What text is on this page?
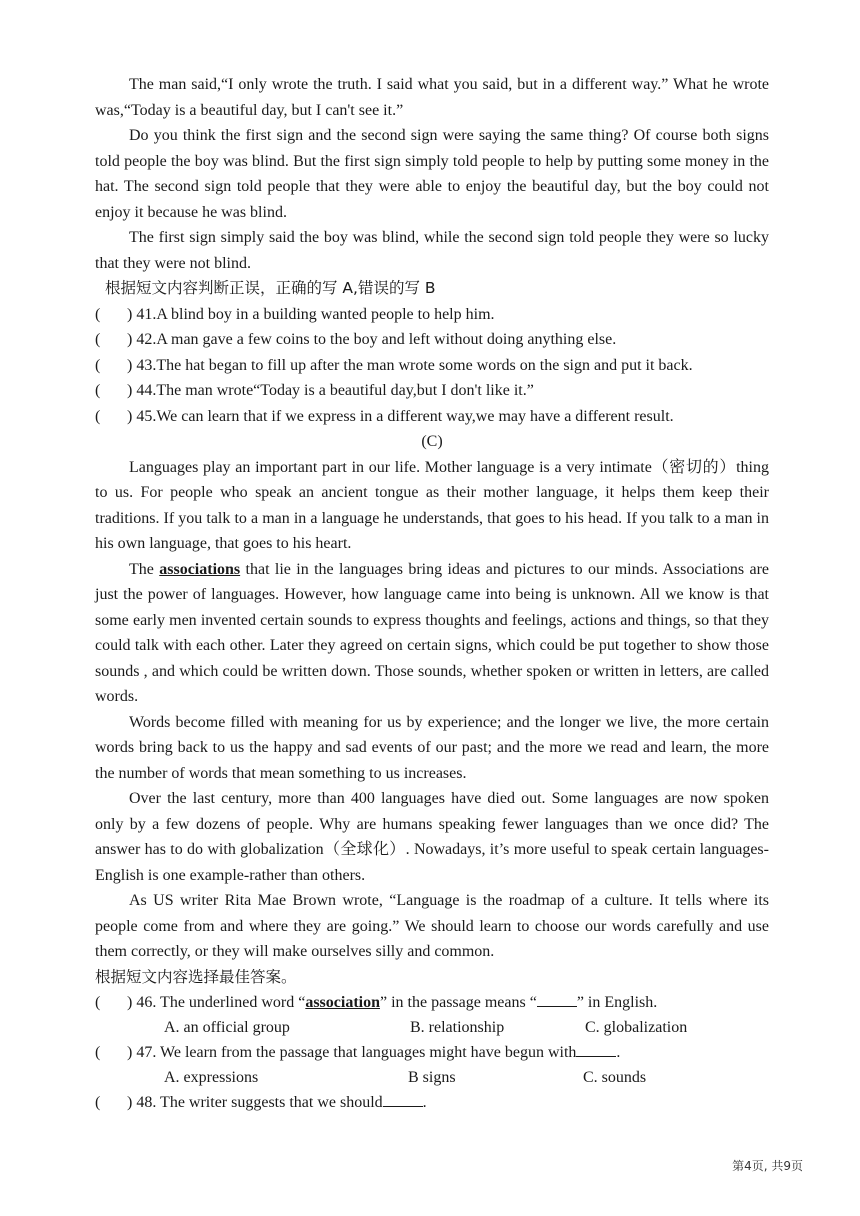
The man said,“I only wrote the truth. I said what you said, but in a different way.” What he wrote was,“Today is a beautiful day, but I can't see it.”

Do you think the first sign and the second sign were saying the same thing? Of course both signs told people the boy was blind. But the first sign simply told people to help by putting some money in the hat. The second sign told people that they were able to enjoy the beautiful day, but the boy could not enjoy it because he was blind.

The first sign simply said the boy was blind, while the second sign told people they were so lucky that they were not blind.

根据短文内容判断正误，正确的写 A,错误的写 B

(	) 41.A blind boy in a building wanted people to help him.
(	) 42.A man gave a few coins to the boy and left without doing anything else.
(	) 43.The hat began to fill up after the man wrote some words on the sign and put it back.
(	) 44.The man wrote“Today is a beautiful day,but I don't like it.”
(	) 45.We can learn that if we express in a different way,we may have a different result.

(C)

Languages play an important part in our life. Mother language is a very intimate（密切的）thing to us. For people who speak an ancient tongue as their mother language, it helps them keep their traditions. If you talk to a man in a language he understands, that goes to his head. If you talk to a man in his own language, that goes to his heart.

The associations that lie in the languages bring ideas and pictures to our minds. Associations are just the power of languages. However, how language came into being is unknown. All we know is that some early men invented certain sounds to express thoughts and feelings, actions and things, so that they could talk with each other. Later they agreed on certain signs, which could be put together to show those sounds , and which could be written down. Those sounds, whether spoken or written in letters, are called words.

Words become filled with meaning for us by experience; and the longer we live, the more certain words bring back to us the happy and sad events of our past; and the more we read and learn, the more the number of words that mean something to us increases.

Over the last century, more than 400 languages have died out. Some languages are now spoken only by a few dozens of people. Why are humans speaking fewer languages than we once did? The answer has to do with globalization（全球化）. Nowadays, it’s more useful to speak certain languages-English is one example-rather than others.

As US writer Rita Mae Brown wrote, “Language is the roadmap of a culture. It tells where its people come from and where they are going.” We should learn to choose our words carefully and use them correctly, or they will make ourselves silly and common.

根据短文内容选择最佳答案。

(	) 46. The underlined word “association” in the passage means “	” in English.
A. an official group	B. relationship	C. globalization
(	) 47. We learn from the passage that languages might have begun with	.
A. expressions	B signs	C. sounds
(	) 48. The writer suggests that we should	.
第4页, 共9页
